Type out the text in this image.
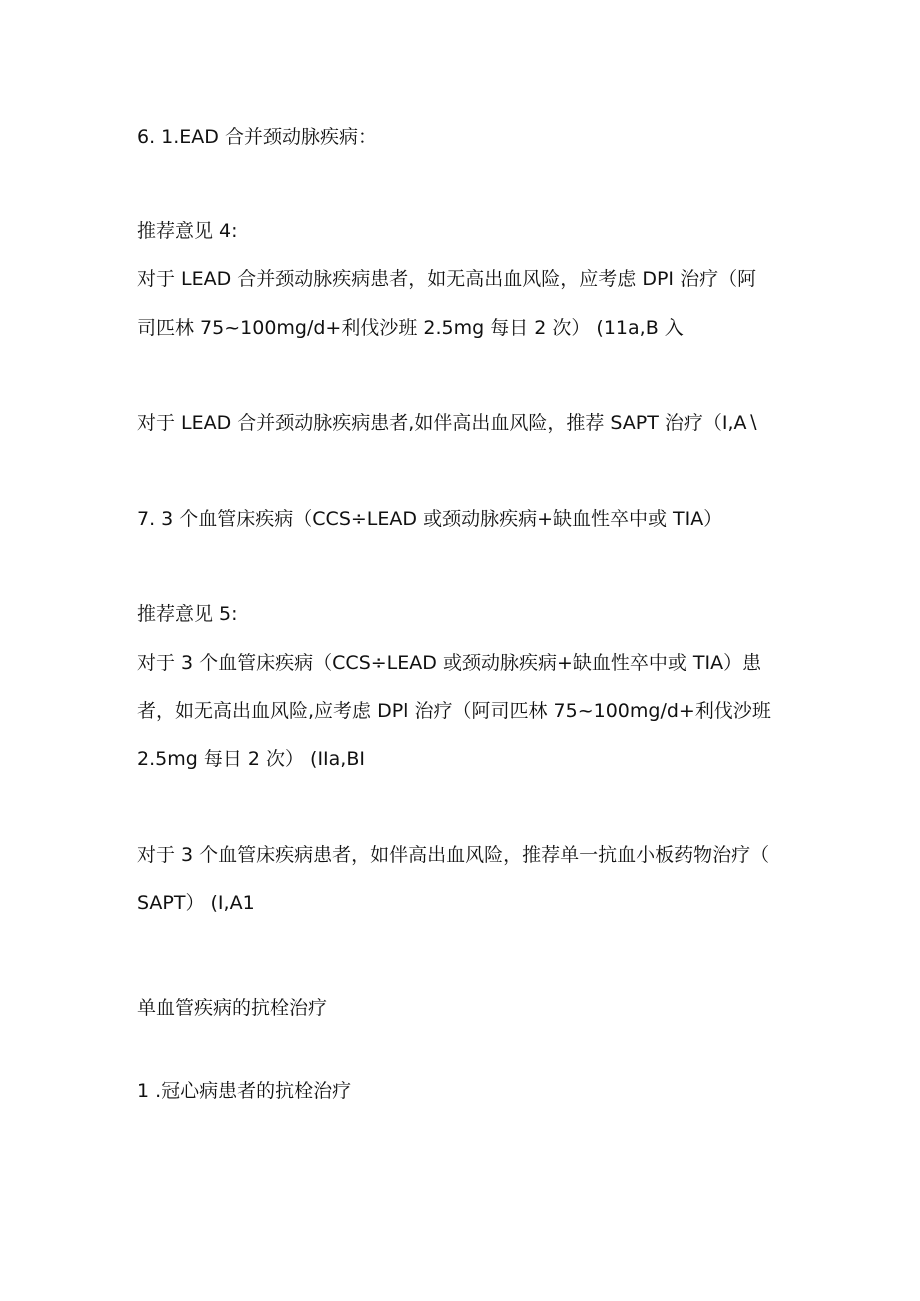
6. 1.EAD 合并颈动脉疾病：
推荐意见 4:
对于 LEAD 合并颈动脉疾病患者，如无高出血风险，应考虑 DPI 治疗（阿
司匹林 75~100mg∕d+利伐沙班 2.5mg 每日 2 次） (11a,B 入
对于 LEAD 合并颈动脉疾病患者,如伴高出血风险，推荐 SAPT 治疗（I,A∖
7. 3 个血管床疾病（CCS÷LEAD 或颈动脉疾病+缺血性卒中或 TIA）
推荐意见 5:
对于 3 个血管床疾病（CCS÷LEAD 或颈动脉疾病+缺血性卒中或 TIA）患
者，如无高出血风险,应考虑 DPl 治疗（阿司匹林 75~100mg∕d+利伐沙班
2.5mg 每日 2 次） (IIa,BI
对于 3 个血管床疾病患者，如伴高出血风险，推荐单一抗血小板药物治疗（
SAPT） (I,A1
单血管疾病的抗栓治疗
1 .冠心病患者的抗栓治疗
